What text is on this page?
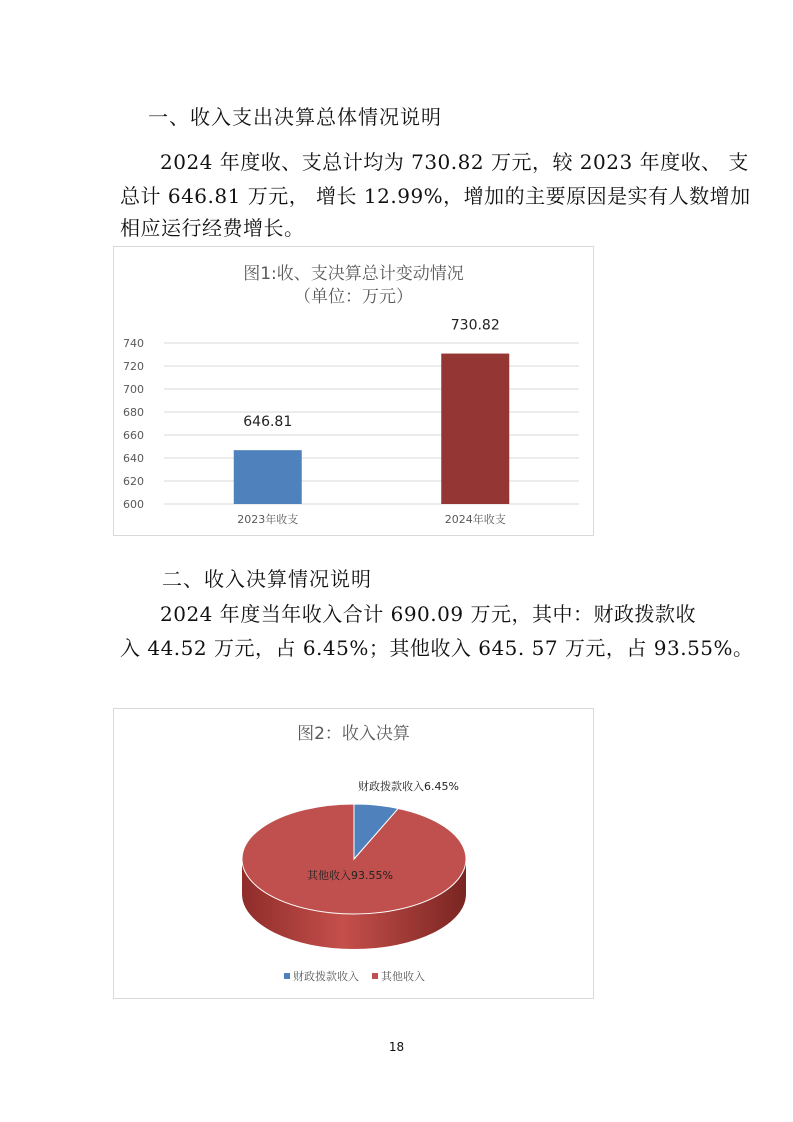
一、收入支出决算总体情况说明
2024 年度收、支总计均为 730.82 万元，较 2023 年度收、 支
总计 646.81 万元， 增长 12.99%，增加的主要原因是实有人数增加
相应运行经费增长。
图1:收、支决算总计变动情况
（单位：万元）
600
620
640
660
680
700
720
740
646.81
2023年收支
730.82
2024年收支
二、收入决算情况说明
2024 年度当年收入合计 690.09 万元，其中：财政拨款收
入 44.52 万元，占 6.45%；其他收入 645. 57 万元，占 93.55%。
图2：收入决算
财政拨款收入6.45%
其他收入93.55%
财政拨款收入 其他收入
18
